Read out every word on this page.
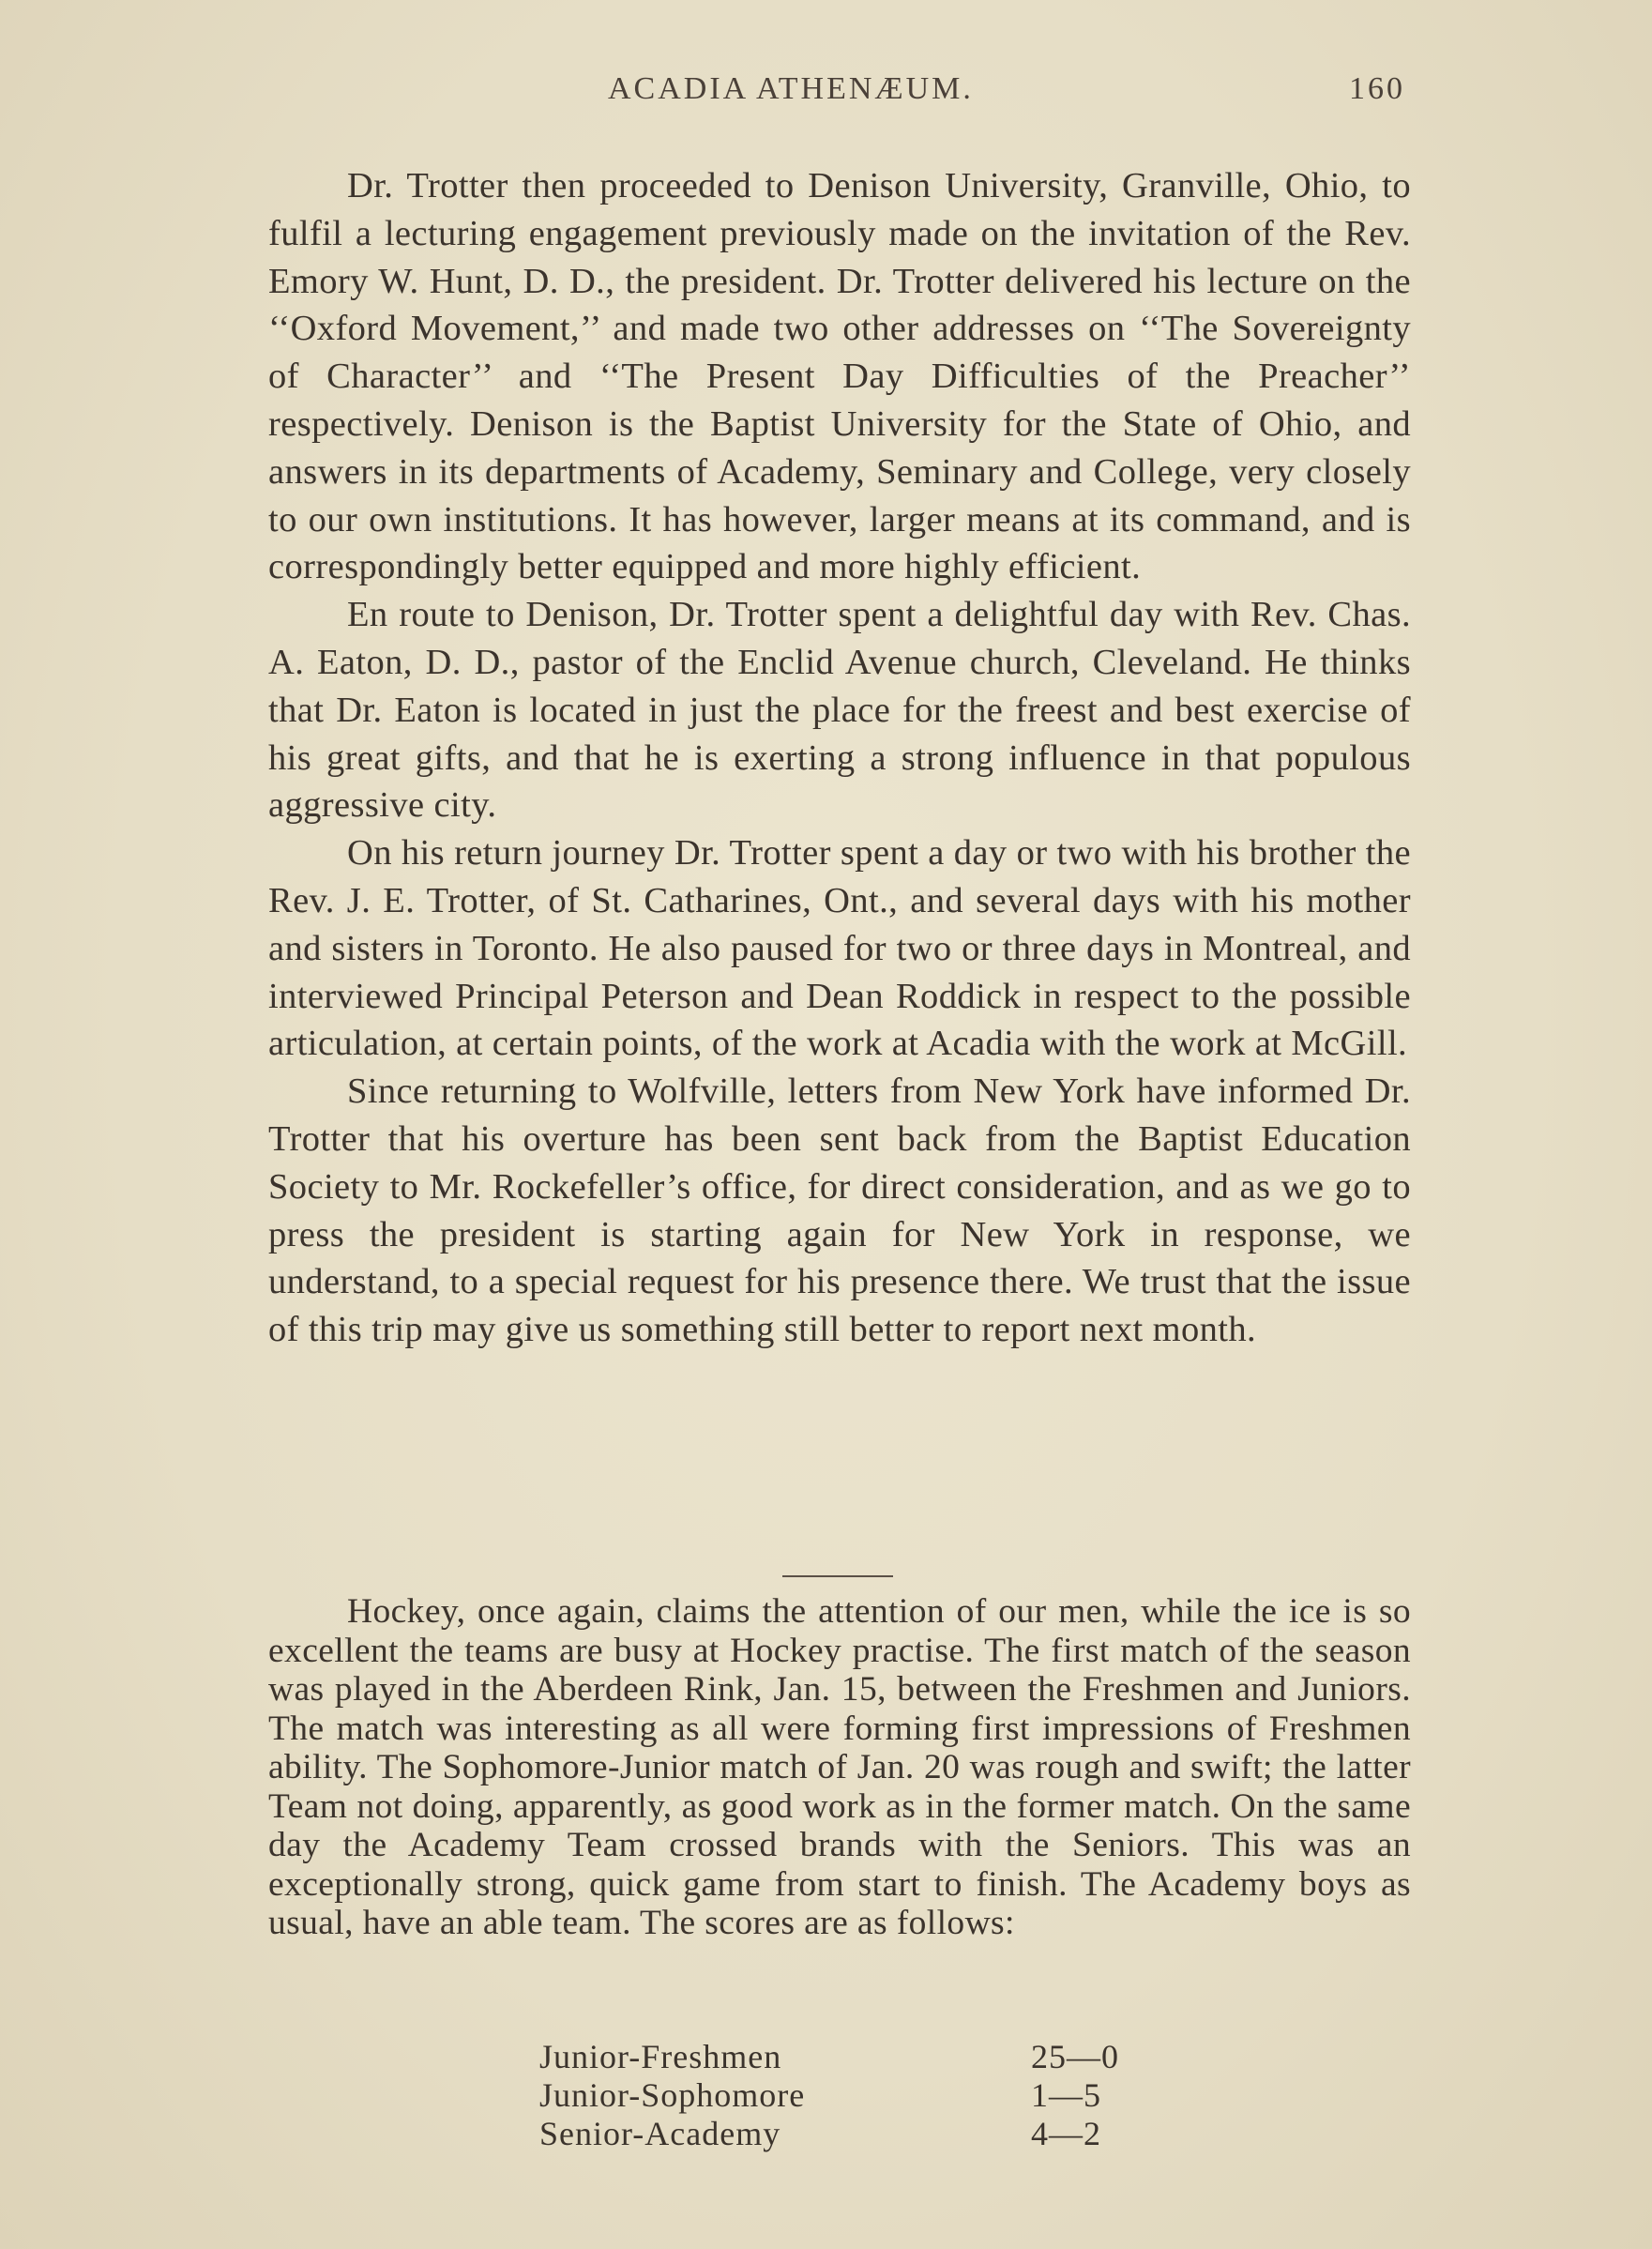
ACADIA ATHENÆUM.	160

Dr. Trotter then proceeded to Denison University, Granville, Ohio, to fulfil a lecturing engagement previously made on the invitation of the Rev. Emory W. Hunt, D. D., the president. Dr. Trotter delivered his lecture on the ‘‘Oxford Movement,’’ and made two other addresses on ‘‘The Sovereignty of Character’’ and ‘‘The Present Day Difficulties of the Preacher’’ respectively. Denison is the Baptist University for the State of Ohio, and answers in its departments of Academy, Seminary and College, very closely to our own institutions. It has however, larger means at its command, and is correspondingly better equipped and more highly efficient.

En route to Denison, Dr. Trotter spent a delightful day with Rev. Chas. A. Eaton, D. D., pastor of the Enclid Avenue church, Cleveland. He thinks that Dr. Eaton is located in just the place for the freest and best exercise of his great gifts, and that he is exerting a strong influence in that populous aggressive city.

On his return journey Dr. Trotter spent a day or two with his brother the Rev. J. E. Trotter, of St. Catharines, Ont., and several days with his mother and sisters in Toronto. He also paused for two or three days in Montreal, and interviewed Principal Peterson and Dean Roddick in respect to the possible articulation, at certain points, of the work at Acadia with the work at McGill.

Since returning to Wolfville, letters from New York have informed Dr. Trotter that his overture has been sent back from the Baptist Education Society to Mr. Rockefeller’s office, for direct consideration, and as we go to press the president is starting again for New York in response, we understand, to a special request for his presence there. We trust that the issue of this trip may give us something still better to report next month.

Hockey, once again, claims the attention of our men, while the ice is so excellent the teams are busy at Hockey practise. The first match of the season was played in the Aberdeen Rink, Jan. 15, between the Freshmen and Juniors. The match was interesting as all were forming first impressions of Freshmen ability. The Sophomore-Junior match of Jan. 20 was rough and swift; the latter Team not doing, apparently, as good work as in the former match. On the same day the Academy Team crossed brands with the Seniors. This was an exceptionally strong, quick game from start to finish. The Academy boys as usual, have an able team. The scores are as follows:

Junior-Freshmen	25—0
Junior-Sophomore	1—5
Senior-Academy	4—2
